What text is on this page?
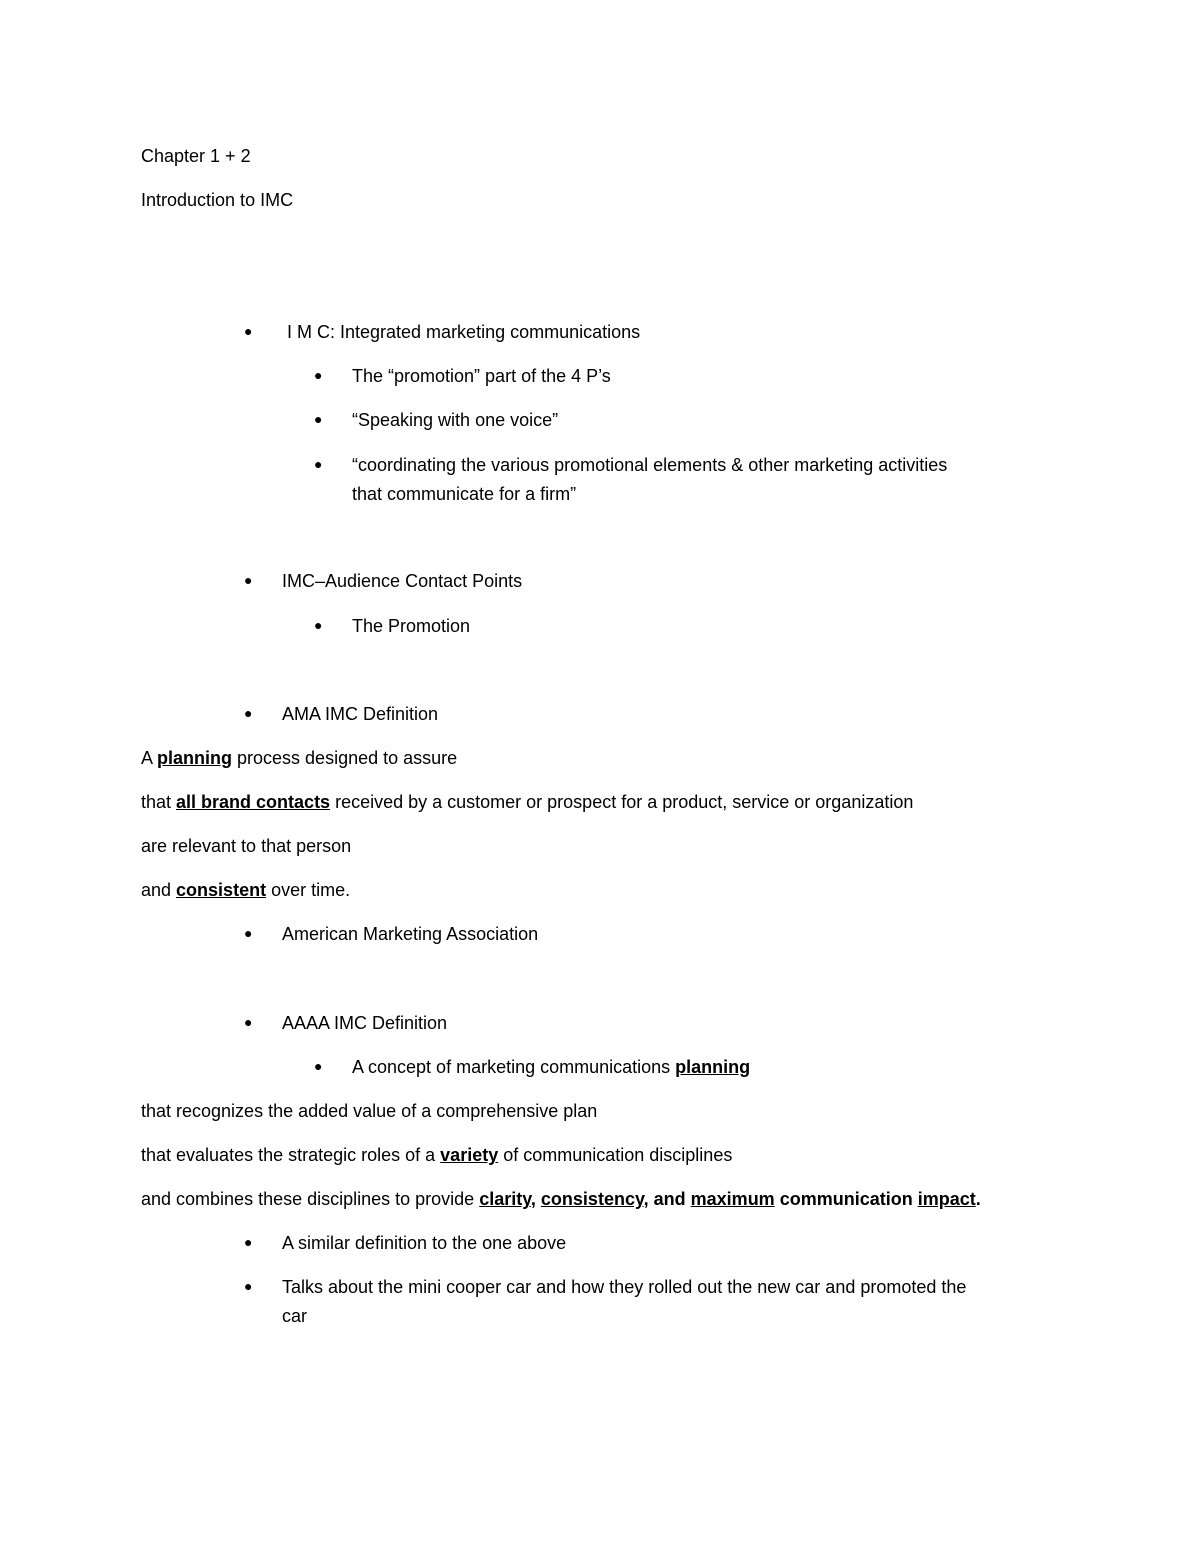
Chapter 1 + 2
Introduction to IMC
● I M C: Integrated marketing communications
● The “promotion” part of the 4 P’s
● “Speaking with one voice”
● “coordinating the various promotional elements & other marketing activities
that communicate for a firm”
● IMC–Audience Contact Points
● The Promotion
● AMA IMC Definition
A planning process designed to assure
that all brand contacts received by a customer or prospect for a product, service or organization
are relevant to that person
and consistent over time.
● American Marketing Association
● AAAA IMC Definition
● A concept of marketing communications planning
that recognizes the added value of a comprehensive plan
that evaluates the strategic roles of a variety of communication disciplines
and combines these disciplines to provide clarity, consistency, and maximum communication impact.
● A similar definition to the one above
● Talks about the mini cooper car and how they rolled out the new car and promoted the
car
